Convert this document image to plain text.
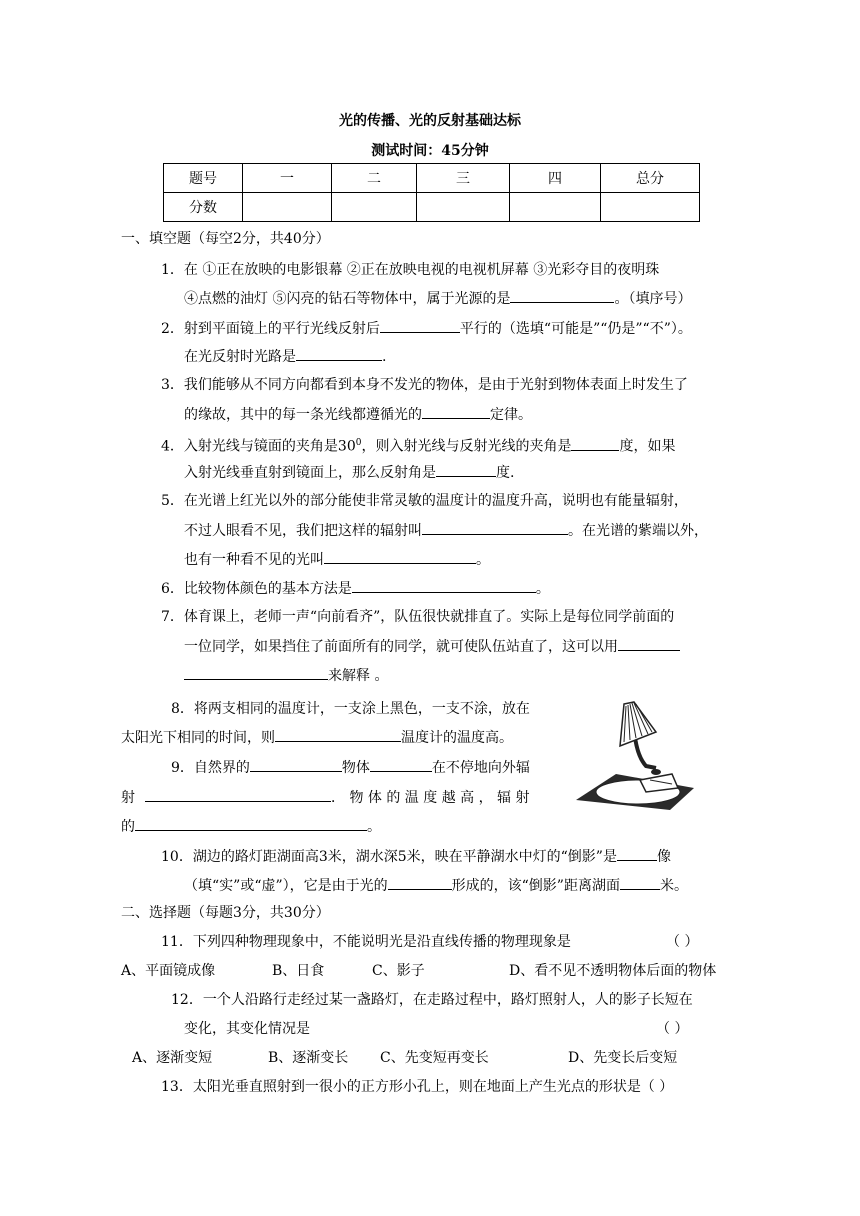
光的传播、光的反射基础达标
测试时间：45分钟
题号	一	二	三	四	总分
分数					
一、填空题（每空2分，共40分）
1．在 ①正在放映的电影银幕 ②正在放映电视的电视机屏幕 ③光彩夺目的夜明珠
④点燃的油灯 ⑤闪亮的钻石等物体中，属于光源的是	。（填序号）
2．射到平面镜上的平行光线反射后	平行的（选填“可能是”“仍是”“不”）。
在光反射时光路是	.
3．我们能够从不同方向都看到本身不发光的物体，是由于光射到物体表面上时发生了
的缘故，其中的每一条光线都遵循光的	定律。
4．入射光线与镜面的夹角是$30^0$，则入射光线与反射光线的夹角是	度，如果
入射光线垂直射到镜面上，那么反射角是	度.
5．在光谱上红光以外的部分能使非常灵敏的温度计的温度升高，说明也有能量辐射，
不过人眼看不见，我们把这样的辐射叫	。在光谱的紫端以外，
也有一种看不见的光叫	。
6．比较物体颜色的基本方法是	。
7．体育课上，老师一声“向前看齐”，队伍很快就排直了。实际上是每位同学前面的
一位同学，如果挡住了前面所有的同学，就可使队伍站直了，这可以用
来解释 。
8．将两支相同的温度计，一支涂上黑色，一支不涂，放在
太阳光下相同的时间，则	温度计的温度高。
9．自然界的	物体	在不停地向外辐
射	． 物 体 的 温 度 越 高 ， 辐 射
的	。
10．湖边的路灯距湖面高3米，湖水深5米，映在平静湖水中灯的“倒影”是	像
（填“实”或“虚”），它是由于光的	形成的，该“倒影”距离湖面	米。
二、选择题（每题3分，共30分）
11．下列四种物理现象中，不能说明光是沿直线传播的物理现象是	（ ）
A、平面镜成像	B、日食	C、影子	D、看不见不透明物体后面的物体
12．一个人沿路行走经过某一盏路灯，在走路过程中，路灯照射人，人的影子长短在
变化，其变化情况是	（ ）
A、逐渐变短	B、逐渐变长 C、先变短再变长	D、先变长后变短
13．太阳光垂直照射到一很小的正方形小孔上，则在地面上产生光点的形状是（ ）
